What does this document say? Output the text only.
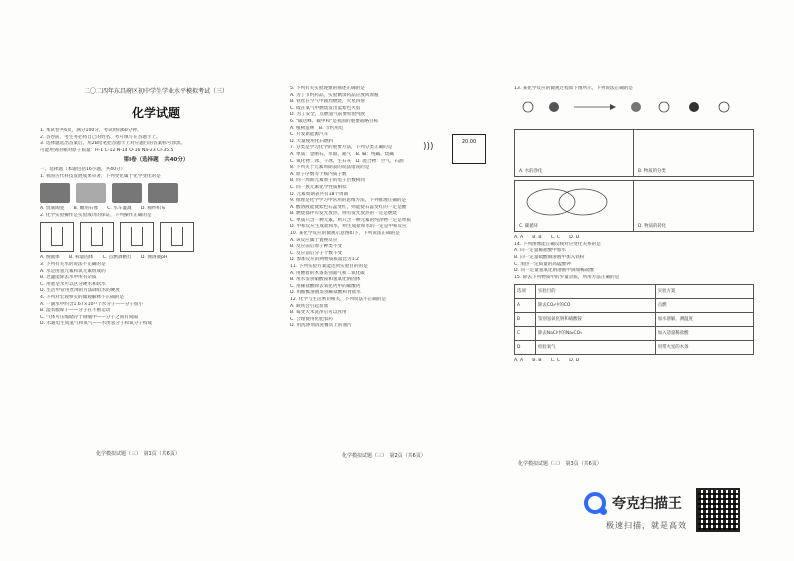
二〇二四年东昌府区初中学生学业水平模拟考试（三）
化学试题
1. 本试卷共6页，满分100分，考试时间60分钟。
2. 答卷前，考生务必将自己的姓名、考号填写在答题卡上。
3. 选择题选出答案后，用2B铅笔把答题卡上对应题目的答案标号涂黑。
可能用到的相对原子质量：H-1 C-12 N-14 O-16 Na-23 Cl-35.5
第Ⅰ卷（选择题　共40分）
一、选择题（本题包括16小题，共40分）
1. 我国古代科技发展成果卓著，下列变化属于化学变化的是
A. 烧制陶瓷　　B. 雕刻石像　　C. 水车灌溉　　D. 棉纱织布
2. 化学实验操作是实验成功的保证，下列操作正确的是
A. 倒液体　　B. 称量固体　　C. 点燃酒精灯　　D. 测溶液pH
3. 下列有关水的说法不正确的是
A. 水是由氢元素和氧元素组成的
B. 过滤能除去水中所有杂质
C. 用肥皂水可以区分硬水和软水
D. 生活中常用煮沸的方法降低水的硬度
4. 下列对宏观事实的微观解释不正确的是
A. 一滴水中约含1.67×10²¹个水分子——分子很小
B. 湿衣服晾干——分子在不断运动
C. 气体可压缩储存于钢瓶中——分子之间有间隔
D. 水通电生成氢气和氧气——水由氢分子和氧分子构成
化学模拟试题（三）　第1页（共6页）
5. 下列有关实验现象的描述正确的是
A. 为了节约药品，实验剩余药品应放回原瓶
B. 铁丝在空气中剧烈燃烧，火星四射
C. 硫在氧气中燃烧发出蓝紫色火焰
D. 为了安全，点燃氢气前要检验纯度
6. "碳达峰、碳中和"是我国的重要战略目标
A. 植树造林　B. 节约用电
C. 开发新能源汽车
D. 大量使用化石燃料
7. 分类是学习化学的重要方法，下列分类正确的是
A. 单质：金刚石、水银、氮气　B. 碱：纯碱、烧碱
C. 氧化物：冰、干冰、生石灰　D. 混合物：空气、石油
8. 下列关于元素周期表的说法错误的是
A. 原子序数等于核内质子数
B. 同一周期元素原子的电子层数相同
C. 同一族元素化学性质相似
D. 元素周期表共有18个周期
9. 推理是化学学习中常用的思维方法，下列推理正确的是
A. 酸溶液能使紫色石蕊变红，则能使石蕊变红的一定是酸
B. 燃烧都伴有发光放热，则有发光放热的一定是燃烧
C. 单质只含一种元素，则只含一种元素的纯净物一定是单质
D. 中和反应生成盐和水，则生成盐和水的一定是中和反应
10. 某化学反应的微观示意图如下，下列说法正确的是
A. 该反应属于置换反应
B. 反应前后原子种类不变
C. 反应前后分子个数不变
D. 参加反应的两物质质量比为1:2
11. 下列实验方案能达到实验目的的是
A. 用燃着的木条鉴别氮气和二氧化碳
B. 用水鉴别硝酸铵和氢氧化钠固体
C. 用稀盐酸除去氧化钙中的碳酸钙
D. 用酚酞溶液鉴别稀盐酸和食盐水
12. 化学与生活密切相关，下列说法不正确的是
A. 缺铁会引起贫血
B. 霉变大米洗净后可以食用
C. 合理使用化肥农药
D. 用洗涤剂清洗餐具上的油污
化学模拟试题（三）　第2页（共6页）
)))	20.00
13. 某化学反应的微观过程如下图所示，下列说法正确的是
A. 水的净化	B. 物质的分类
C. 碳循环	D. 物质的转化
A. A　　B. B　　C. C　　D. D
14. 下列图像能正确反映对应变化关系的是
A. 向一定量稀盐酸中加水
B. 向一定量硫酸铜溶液中加入铁粉
C. 加热一定质量的高锰酸钾
D. 向一定量氢氧化钠溶液中滴加稀盐酸
15. 除去下列物质中的少量杂质，所用方法正确的是
选项	实验目的	实验方案
A	除去CO₂中的CO	点燃
B	鉴别氢氧化钠和硝酸铵	加水溶解，测温度
C	除去NaCl中的Na₂CO₃	加入适量稀盐酸
D	检验氧气	用带火星的木条
A. A　　B. B　　C. C　　D. D
化学模拟试题（三）　第3页（共6页）
夸克扫描王
极速扫描，就是高效
